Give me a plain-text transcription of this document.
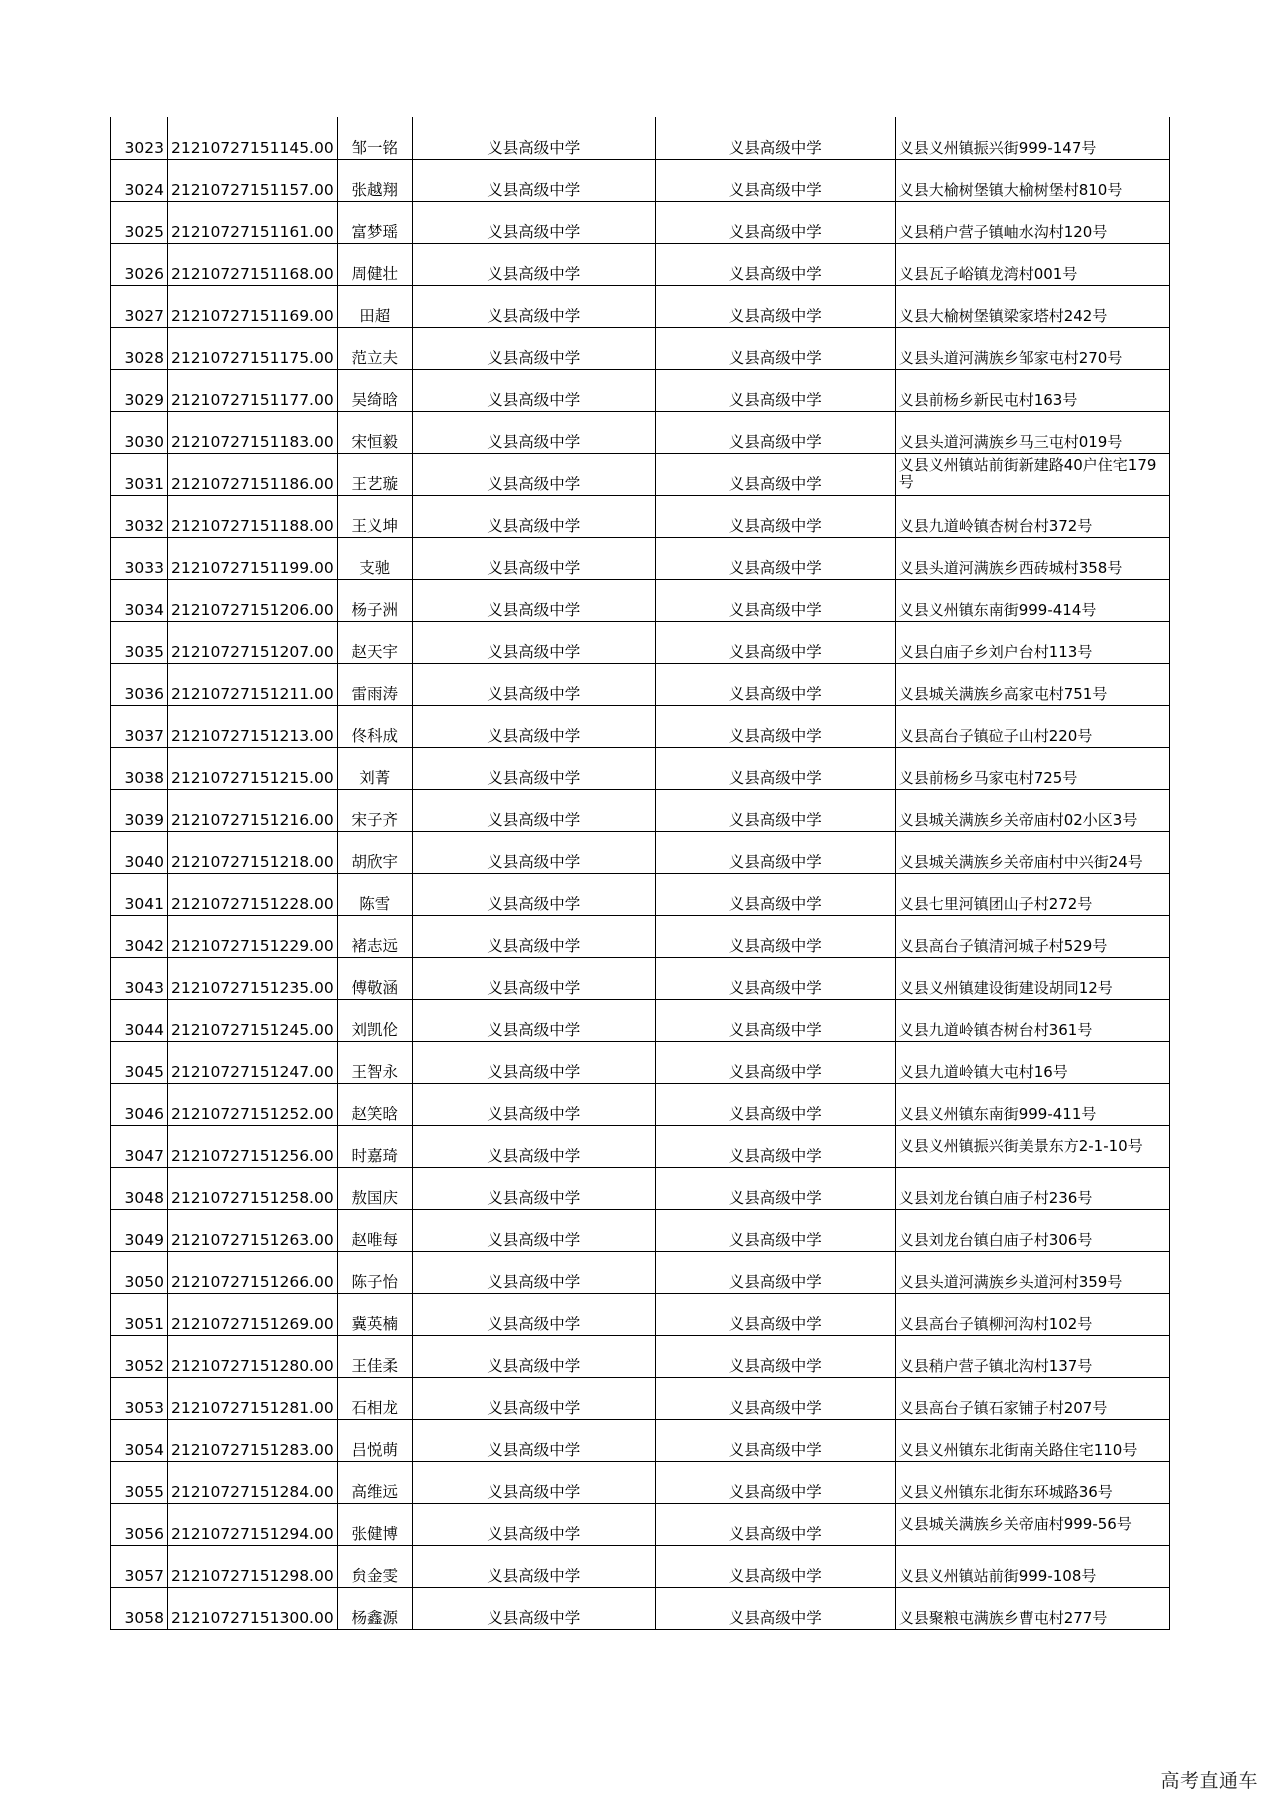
3023	21210727151145.00	邹一铭	义县高级中学	义县高级中学	义县义州镇振兴街999-147号
3024	21210727151157.00	张越翔	义县高级中学	义县高级中学	义县大榆树堡镇大榆树堡村810号
3025	21210727151161.00	富梦瑶	义县高级中学	义县高级中学	义县稍户营子镇岫水沟村120号
3026	21210727151168.00	周健壮	义县高级中学	义县高级中学	义县瓦子峪镇龙湾村001号
3027	21210727151169.00	田超	义县高级中学	义县高级中学	义县大榆树堡镇梁家塔村242号
3028	21210727151175.00	范立夫	义县高级中学	义县高级中学	义县头道河满族乡邹家屯村270号
3029	21210727151177.00	吴绮晗	义县高级中学	义县高级中学	义县前杨乡新民屯村163号
3030	21210727151183.00	宋恒毅	义县高级中学	义县高级中学	义县头道河满族乡马三屯村019号
3031	21210727151186.00	王艺璇	义县高级中学	义县高级中学	义县义州镇站前街新建路40户住宅179号
3032	21210727151188.00	王义坤	义县高级中学	义县高级中学	义县九道岭镇杏树台村372号
3033	21210727151199.00	支驰	义县高级中学	义县高级中学	义县头道河满族乡西砖城村358号
3034	21210727151206.00	杨子洲	义县高级中学	义县高级中学	义县义州镇东南街999-414号
3035	21210727151207.00	赵天宇	义县高级中学	义县高级中学	义县白庙子乡刘户台村113号
3036	21210727151211.00	雷雨涛	义县高级中学	义县高级中学	义县城关满族乡高家屯村751号
3037	21210727151213.00	佟科成	义县高级中学	义县高级中学	义县高台子镇砬子山村220号
3038	21210727151215.00	刘菁	义县高级中学	义县高级中学	义县前杨乡马家屯村725号
3039	21210727151216.00	宋子齐	义县高级中学	义县高级中学	义县城关满族乡关帝庙村02小区3号
3040	21210727151218.00	胡欣宇	义县高级中学	义县高级中学	义县城关满族乡关帝庙村中兴街24号
3041	21210727151228.00	陈雪	义县高级中学	义县高级中学	义县七里河镇团山子村272号
3042	21210727151229.00	褚志远	义县高级中学	义县高级中学	义县高台子镇清河城子村529号
3043	21210727151235.00	傅敬涵	义县高级中学	义县高级中学	义县义州镇建设街建设胡同12号
3044	21210727151245.00	刘凯伦	义县高级中学	义县高级中学	义县九道岭镇杏树台村361号
3045	21210727151247.00	王智永	义县高级中学	义县高级中学	义县九道岭镇大屯村16号
3046	21210727151252.00	赵笑晗	义县高级中学	义县高级中学	义县义州镇东南街999-411号
3047	21210727151256.00	时嘉琦	义县高级中学	义县高级中学	义县义州镇振兴街美景东方2-1-10号
3048	21210727151258.00	敖国庆	义县高级中学	义县高级中学	义县刘龙台镇白庙子村236号
3049	21210727151263.00	赵唯每	义县高级中学	义县高级中学	义县刘龙台镇白庙子村306号
3050	21210727151266.00	陈子怡	义县高级中学	义县高级中学	义县头道河满族乡头道河村359号
3051	21210727151269.00	冀英楠	义县高级中学	义县高级中学	义县高台子镇柳河沟村102号
3052	21210727151280.00	王佳柔	义县高级中学	义县高级中学	义县稍户营子镇北沟村137号
3053	21210727151281.00	石相龙	义县高级中学	义县高级中学	义县高台子镇石家铺子村207号
3054	21210727151283.00	吕悦萌	义县高级中学	义县高级中学	义县义州镇东北街南关路住宅110号
3055	21210727151284.00	高维远	义县高级中学	义县高级中学	义县义州镇东北街东环城路36号
3056	21210727151294.00	张健博	义县高级中学	义县高级中学	义县城关满族乡关帝庙村999-56号
3057	21210727151298.00	贠金雯	义县高级中学	义县高级中学	义县义州镇站前街999-108号
3058	21210727151300.00	杨鑫源	义县高级中学	义县高级中学	义县聚粮屯满族乡曹屯村277号
高考直通车
